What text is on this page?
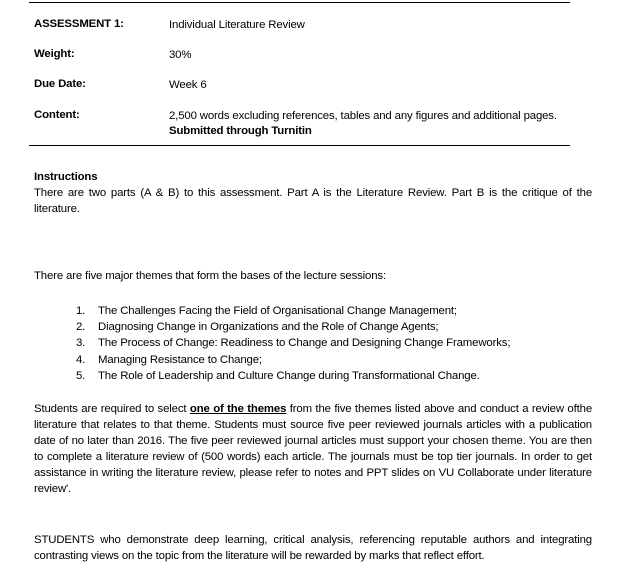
ASSESSMENT 1:	Individual Literature Review
Weight:	30%
Due Date:	Week 6
Content:	2,500 words excluding references, tables and any figures and additional pages.
Submitted through Turnitin
Instructions
There are two parts (A & B) to this assessment. Part A is the Literature Review. Part B is the critique of the literature.
There are five major themes that form the bases of the lecture sessions:
1. The Challenges Facing the Field of Organisational Change Management;
2. Diagnosing Change in Organizations and the Role of Change Agents;
3. The Process of Change: Readiness to Change and Designing Change Frameworks;
4. Managing Resistance to Change;
5. The Role of Leadership and Culture Change during Transformational Change.
Students are required to select one of the themes from the five themes listed above and conduct a review ofthe literature that relates to that theme. Students must source five peer reviewed journals articles with a publication date of no later than 2016. The five peer reviewed journal articles must support your chosen theme. You are then to complete a literature review of (500 words) each article. The journals must be top tier journals. In order to get assistance in writing the literature review, please refer to notes and PPT slides on VU Collaborate under literature review'.
STUDENTS who demonstrate deep learning, critical analysis, referencing reputable authors and integrating contrasting views on the topic from the literature will be rewarded by marks that reflect effort.
